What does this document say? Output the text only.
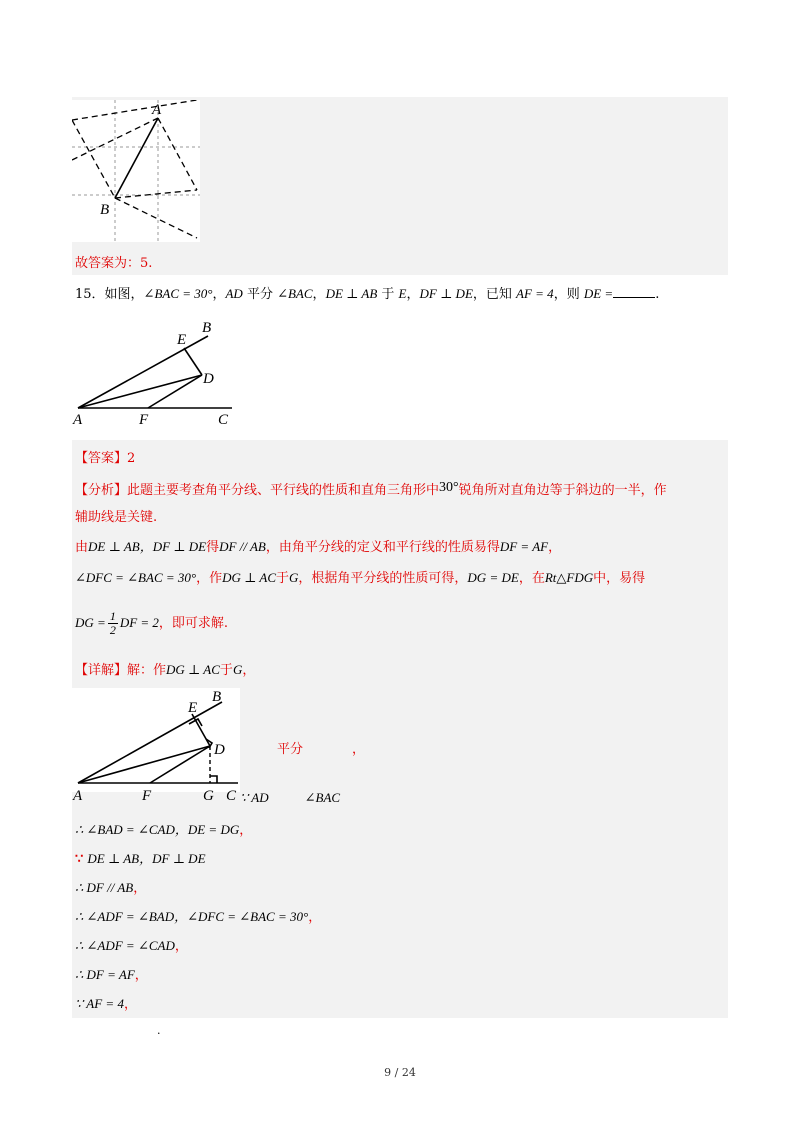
A
B
故答案为：5.
15．如图，∠BAC = 30°，AD 平分 ∠BAC，DE ⊥ AB 于 E，DF ⊥ DE，已知 AF = 4，则 DE =	.
B
E
D
A	F	C
【答案】2
【分析】此题主要考查角平分线、平行线的性质和直角三角形中30°锐角所对直角边等于斜边的一半，作
辅助线是关键.
由DE ⊥ AB，DF ⊥ DE得DF // AB，由角平分线的定义和平行线的性质易得DF = AF，
∠DFC = ∠BAC = 30°，作DG ⊥ AC于G，根据角平分线的性质可得，DG = DE，在Rt△FDG中，易得
DG = $\frac{1}{2}$ DF = 2，即可求解.
【详解】解：作DG ⊥ AC于G，
B
E
D
A	F	G C
平分	，
∵ AD	∠BAC
∴ ∠BAD = ∠CAD，DE = DG，
∵ DE ⊥ AB，DF ⊥ DE
∴ DF // AB，
∴ ∠ADF = ∠BAD，∠DFC = ∠BAC = 30°，
∴ ∠ADF = ∠CAD，
∴ DF = AF，
∵ AF = 4，
.
9 / 24
